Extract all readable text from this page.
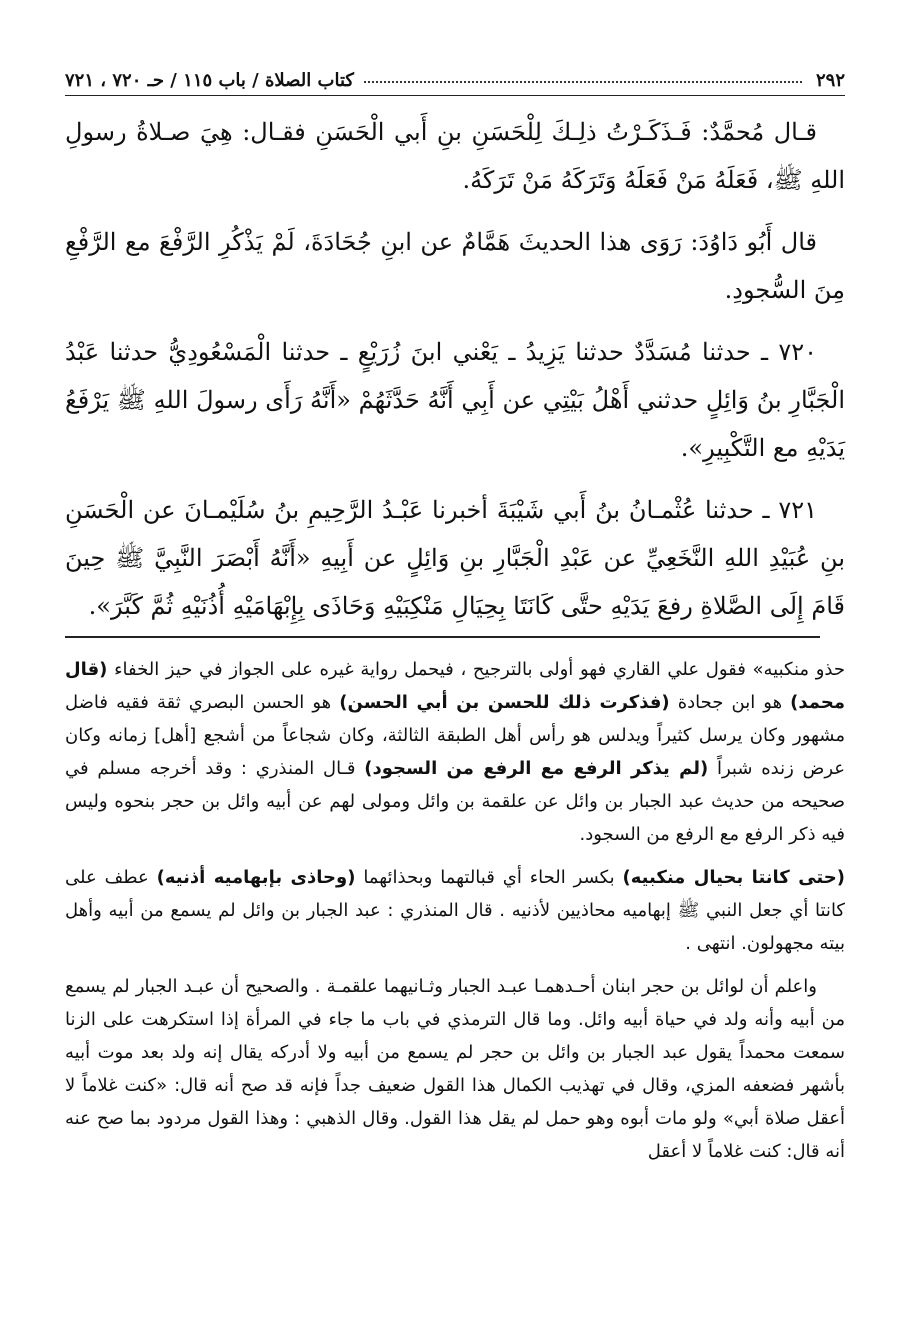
٢٩٢
كتاب الصلاة / باب ١١٥ / حـ ٧٢٠ ، ٧٢١

قـال مُحمَّدٌ: فَـذَكَـرْتُ ذلِـكَ لِلْحَسَنِ بنِ أَبي الْحَسَنِ فقـال: هِيَ صـلاةُ رسولِ اللهِ ﷺ، فَعَلَهُ مَنْ فَعَلَهُ وَتَرَكَهُ مَنْ تَرَكَهُ.

قال أَبُو دَاوُدَ: رَوَى هذا الحديثَ هَمَّامٌ عن ابنِ جُحَادَةَ، لَمْ يَذْكُرِ الرَّفْعَ مع الرَّفْعِ مِنَ السُّجودِ.

٧٢٠ ـ حدثنا مُسَدَّدٌ حدثنا يَزِيدُ ـ يَعْني ابنَ زُرَيْعٍ ـ حدثنا الْمَسْعُودِيُّ حدثنا عَبْدُ الْجَبَّارِ بنُ وَائِلٍ حدثني أَهْلُ بَيْتِي عن أَبِي أَنَّهُ حَدَّثَهُمْ «أَنَّهُ رَأَى رسولَ اللهِ ﷺ يَرْفَعُ يَدَيْهِ مع التَّكْبِيرِ».

٧٢١ ـ حدثنا عُثْمـانُ بنُ أَبي شَيْبَةَ أخبرنا عَبْـدُ الرَّحِيمِ بنُ سُلَيْمـانَ عن الْحَسَنِ بنِ عُبَيْدِ اللهِ النَّخَعِيِّ عن عَبْدِ الْجَبَّارِ بنِ وَائِلٍ عن أَبِيهِ «أَنَّهُ أَبْصَرَ النَّبِيَّ ﷺ حِينَ قَامَ إِلَى الصَّلاةِ رفعَ يَدَيْهِ حتَّى كَانَتَا بِحِيَالِ مَنْكِبَيْهِ وَحَاذَى بِإِبْهَامَيْهِ أُذُنَيْهِ ثُمَّ كَبَّرَ».

حذو منكبيه» فقول علي القاري فهو أولى بالترجيح ، فيحمل رواية غيره على الجواز في حيز الخفاء (قال محمد) هو ابن جحادة (فذكرت ذلك للحسن بن أبي الحسن) هو الحسن البصري ثقة فقيه فاضل مشهور وكان يرسل كثيراً ويدلس هو رأس أهل الطبقة الثالثة، وكان شجاعاً من أشجع [أهل] زمانه وكان عرض زنده شبراً (لم يذكر الرفع مع الرفع من السجود) قـال المنذري : وقد أخرجه مسلم في صحيحه من حديث عبد الجبار بن وائل عن علقمة بن وائل ومولى لهم عن أبيه وائل بن حجر بنحوه وليس فيه ذكر الرفع مع الرفع من السجود.

(حتى كانتا بحيال منكبيه) بكسر الحاء أي قبالتهما وبحذائهما (وحاذى بإبهاميه أذنيه) عطف على كانتا أي جعل النبي ﷺ إبهاميه محاذيين لأذنيه . قال المنذري : عبد الجبار بن وائل لم يسمع من أبيه وأهل بيته مجهولون. انتهى .

واعلم أن لوائل بن حجر ابنان أحـدهمـا عبـد الجبار وثـانيهما علقمـة . والصحيح أن عبـد الجبار لم يسمع من أبيه وأنه ولد في حياة أبيه وائل. وما قال الترمذي في باب ما جاء في المرأة إذا استكرهت على الزنا سمعت محمداً يقول عبد الجبار بن وائل بن حجر لم يسمع من أبيه ولا أدركه يقال إنه ولد بعد موت أبيه بأشهر فضعفه المزي، وقال في تهذيب الكمال هذا القول ضعيف جداً فإنه قد صح أنه قال: «كنت غلاماً لا أعقل صلاة أبي» ولو مات أبوه وهو حمل لم يقل هذا القول. وقال الذهبي : وهذا القول مردود بما صح عنه أنه قال: كنت غلاماً لا أعقل
